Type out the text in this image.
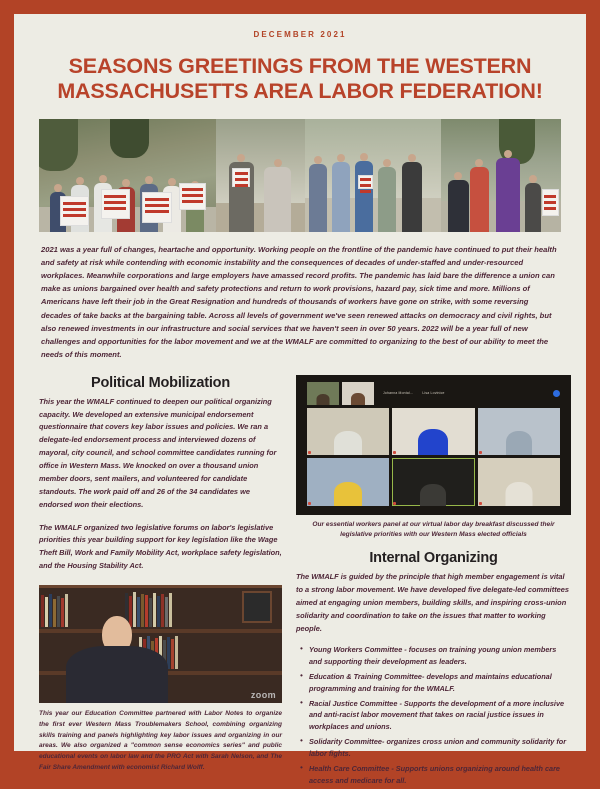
DECEMBER 2021
SEASONS GREETINGS FROM THE WESTERN MASSACHUSETTS AREA LABOR FEDERATION!

2021 was a year full of changes, heartache and opportunity. Working people on the frontline of the pandemic have continued to put their health and safety at risk while contending with economic instability and the consequences of decades of under-staffed and under-resourced workplaces. Meanwhile corporations and large employers have amassed record profits. The pandemic has laid bare the difference a union can make as unions bargained over health and safety protections and return to work provisions, hazard pay, sick time and more. Millions of Americans have left their job in the Great Resignation and hundreds of thousands of workers have gone on strike, with some reversing decades of take backs at the bargaining table. Across all levels of government we've seen renewed attacks on democracy and civil rights, but also renewed investments in our infrastructure and social services that we haven't seen in over 50 years. 2022 will be a year full of new challenges and opportunities for the labor movement and we at the WMALF are committed to organizing to the best of our ability to meet the needs of this moment.

Political Mobilization

This year the WMALF continued to deepen our political organizing capacity. We developed an extensive municipal endorsement questionnaire that covers key labor issues and policies. We ran a delegate-led endorsement process and interviewed dozens of mayoral, city council, and school committee candidates running for office in Western Mass. We knocked on over a thousand union member doors, sent mailers, and volunteered for candidate standouts. The work paid off and 26 of the 34 candidates we endorsed won their elections.

The WMALF organized two legislative forums on labor's legislative priorities this year building support for key legislation like the Wage Theft Bill, Work and Family Mobility Act, workplace safety legislation, and the Housing Stability Act.

zoom

This year our Education Committee partnered with Labor Notes to organize the first ever Western Mass Troublemakers School, combining organizing skills training and panels highlighting key labor issues and organizing in our areas. We also organized a "common sense economics series" and public educational events on labor law and the PRO Act with Sarah Nelson, and The Fair Share Amendment with economist Richard Wolff.

Johanna Montal...	Lisa Lovinice

Our essential workers panel at our virtual labor day breakfast discussed their legislative priorities with our Western Mass elected officials

Internal Organizing

The WMALF is guided by the principle that high member engagement is vital to a strong labor movement. We have developed five delegate-led committees aimed at engaging union members, building skills, and inspiring cross-union solidarity and coordination to take on the issues that matter to working people.

• Young Workers Committee - focuses on training young union members and supporting their development as leaders.
• Education & Training Committee- develops and maintains educational programming and training for the WMALF.
• Racial Justice Committee - Supports the development of a more inclusive and anti-racist labor movement that takes on racial justice issues in workplaces and unions.
• Solidarity Committee- organizes cross union and community solidarity for labor fights.
• Health Care Committee - Supports unions organizing around health care access and medicare for all.
